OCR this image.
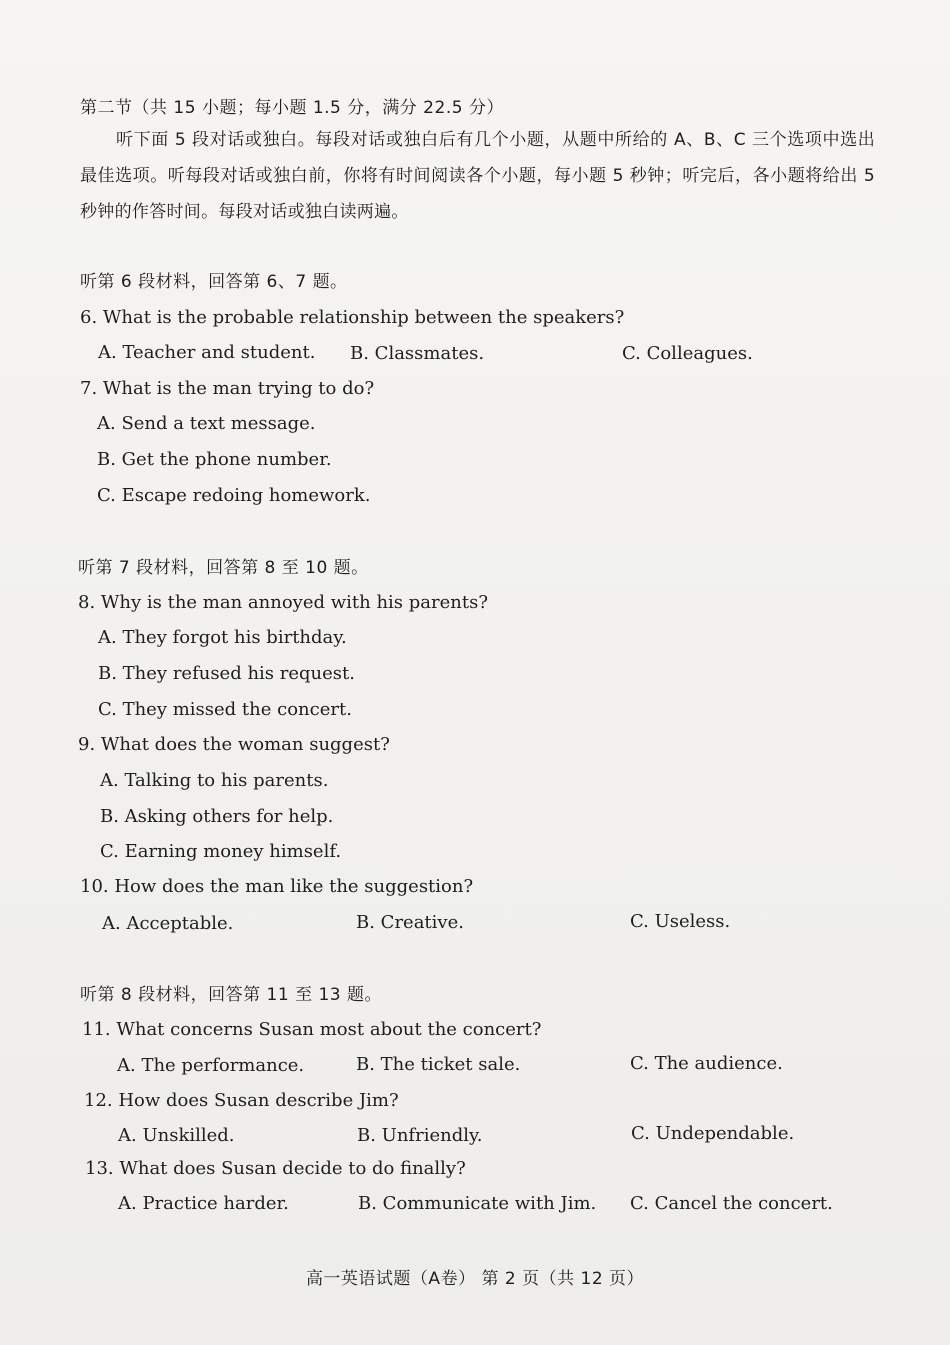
第二节（共 15 小题；每小题 1.5 分，满分 22.5 分）
听下面 5 段对话或独白。每段对话或独白后有几个小题，从题中所给的 A、B、C 三个选项中选出最佳选项。听每段对话或独白前，你将有时间阅读各个小题，每小题 5 秒钟；听完后，各小题将给出 5 秒钟的作答时间。每段对话或独白读两遍。
听第 6 段材料，回答第 6、7 题。
6. What is the probable relationship between the speakers?
A. Teacher and student. B. Classmates.	C. Colleagues.
7. What is the man trying to do?
A. Send a text message.
B. Get the phone number.
C. Escape redoing homework.
听第 7 段材料，回答第 8 至 10 题。
8. Why is the man annoyed with his parents?
A. They forgot his birthday.
B. They refused his request.
C. They missed the concert.
9. What does the woman suggest?
A. Talking to his parents.
B. Asking others for help.
C. Earning money himself.
10. How does the man like the suggestion?
A. Acceptable.	B. Creative.	C. Useless.
听第 8 段材料，回答第 11 至 13 题。
11. What concerns Susan most about the concert?
A. The performance.	B. The ticket sale.	C. The audience.
12. How does Susan describe Jim?
A. Unskilled.	B. Unfriendly.	C. Undependable.
13. What does Susan decide to do finally?
A. Practice harder.	B. Communicate with Jim. C. Cancel the concert.
高一英语试题（A卷） 第 2 页（共 12 页）
